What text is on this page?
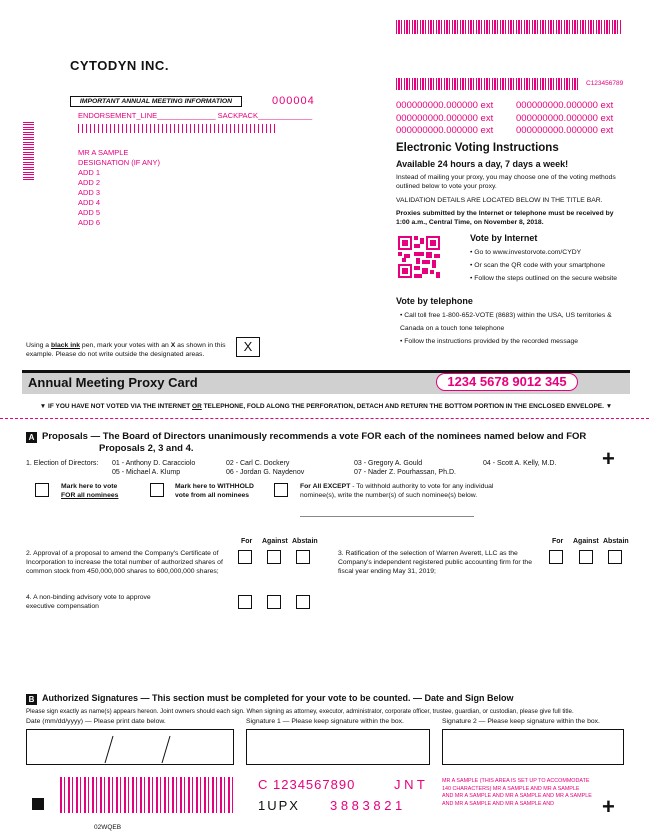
C123456789
CYTODYN INC.
IMPORTANT ANNUAL MEETING INFORMATION	000004
ENDORSEMENT_LINE______________ SACKPACK_____________
MR A SAMPLE
DESIGNATION (IF ANY)
ADD 1
ADD 2
ADD 3
ADD 4
ADD 5
ADD 6
000000000.000000 ext	000000000.000000 ext
000000000.000000 ext	000000000.000000 ext
000000000.000000 ext	000000000.000000 ext
Electronic Voting Instructions
Available 24 hours a day, 7 days a week!
Instead of mailing your proxy, you may choose one of the voting methods outlined below to vote your proxy.
VALIDATION DETAILS ARE LOCATED BELOW IN THE TITLE BAR.
Proxies submitted by the Internet or telephone must be received by 1:00 a.m., Central Time, on November 8, 2018.
Vote by Internet
• Go to www.investorvote.com/CYDY
• Or scan the QR code with your smartphone
• Follow the steps outlined on the secure website
Vote by telephone
• Call toll free 1-800-652-VOTE (8683) within the USA, US territories & Canada on a touch tone telephone
• Follow the instructions provided by the recorded message
Using a black ink pen, mark your votes with an X as shown in this example. Please do not write outside the designated areas.
X
Annual Meeting Proxy Card	1234 5678 9012 345
▼ IF YOU HAVE NOT VOTED VIA THE INTERNET OR TELEPHONE, FOLD ALONG THE PERFORATION, DETACH AND RETURN THE BOTTOM PORTION IN THE ENCLOSED ENVELOPE. ▼
A Proposals — The Board of Directors unanimously recommends a vote FOR each of the nominees named below and FOR
Proposals 2, 3 and 4.
1. Election of Directors: 01 - Anthony D. Caracciolo	02 - Carl C. Dockery	03 - Gregory A. Gould	04 - Scott A. Kelly, M.D.
05 - Michael A. Klump	06 - Jordan G. Naydenov	07 - Nader Z. Pourhassan, Ph.D.
+
Mark here to vote
FOR all nominees
Mark here to WITHHOLD
vote from all nominees
For All EXCEPT - To withhold authority to vote for any individual nominee(s), write the number(s) of such nominee(s) below.
For Against Abstain	For Against Abstain
2. Approval of a proposal to amend the Company's Certificate of Incorporation to increase the total number of authorized shares of common stock from 450,000,000 shares to 600,000,000 shares;
3. Ratification of the selection of Warren Averett, LLC as the Company's independent registered public accounting firm for the fiscal year ending May 31, 2019;
4. A non-binding advisory vote to approve executive compensation
B Authorized Signatures — This section must be completed for your vote to be counted. — Date and Sign Below
Please sign exactly as name(s) appears hereon. Joint owners should each sign. When signing as attorney, executor, administrator, corporate officer, trustee, guardian, or custodian, please give full title.
Date (mm/dd/yyyy) — Please print date below.	Signature 1 — Please keep signature within the box.	Signature 2 — Please keep signature within the box.
C 1234567890	J N T
1UPX 3 8 8 3 8 2 1
MR A SAMPLE (THIS AREA IS SET UP TO ACCOMMODATE 140 CHARACTERS) MR A SAMPLE AND MR A SAMPLE AND MR A SAMPLE AND MR A SAMPLE AND MR A SAMPLE AND MR A SAMPLE AND MR A SAMPLE AND	+
02WQEB
